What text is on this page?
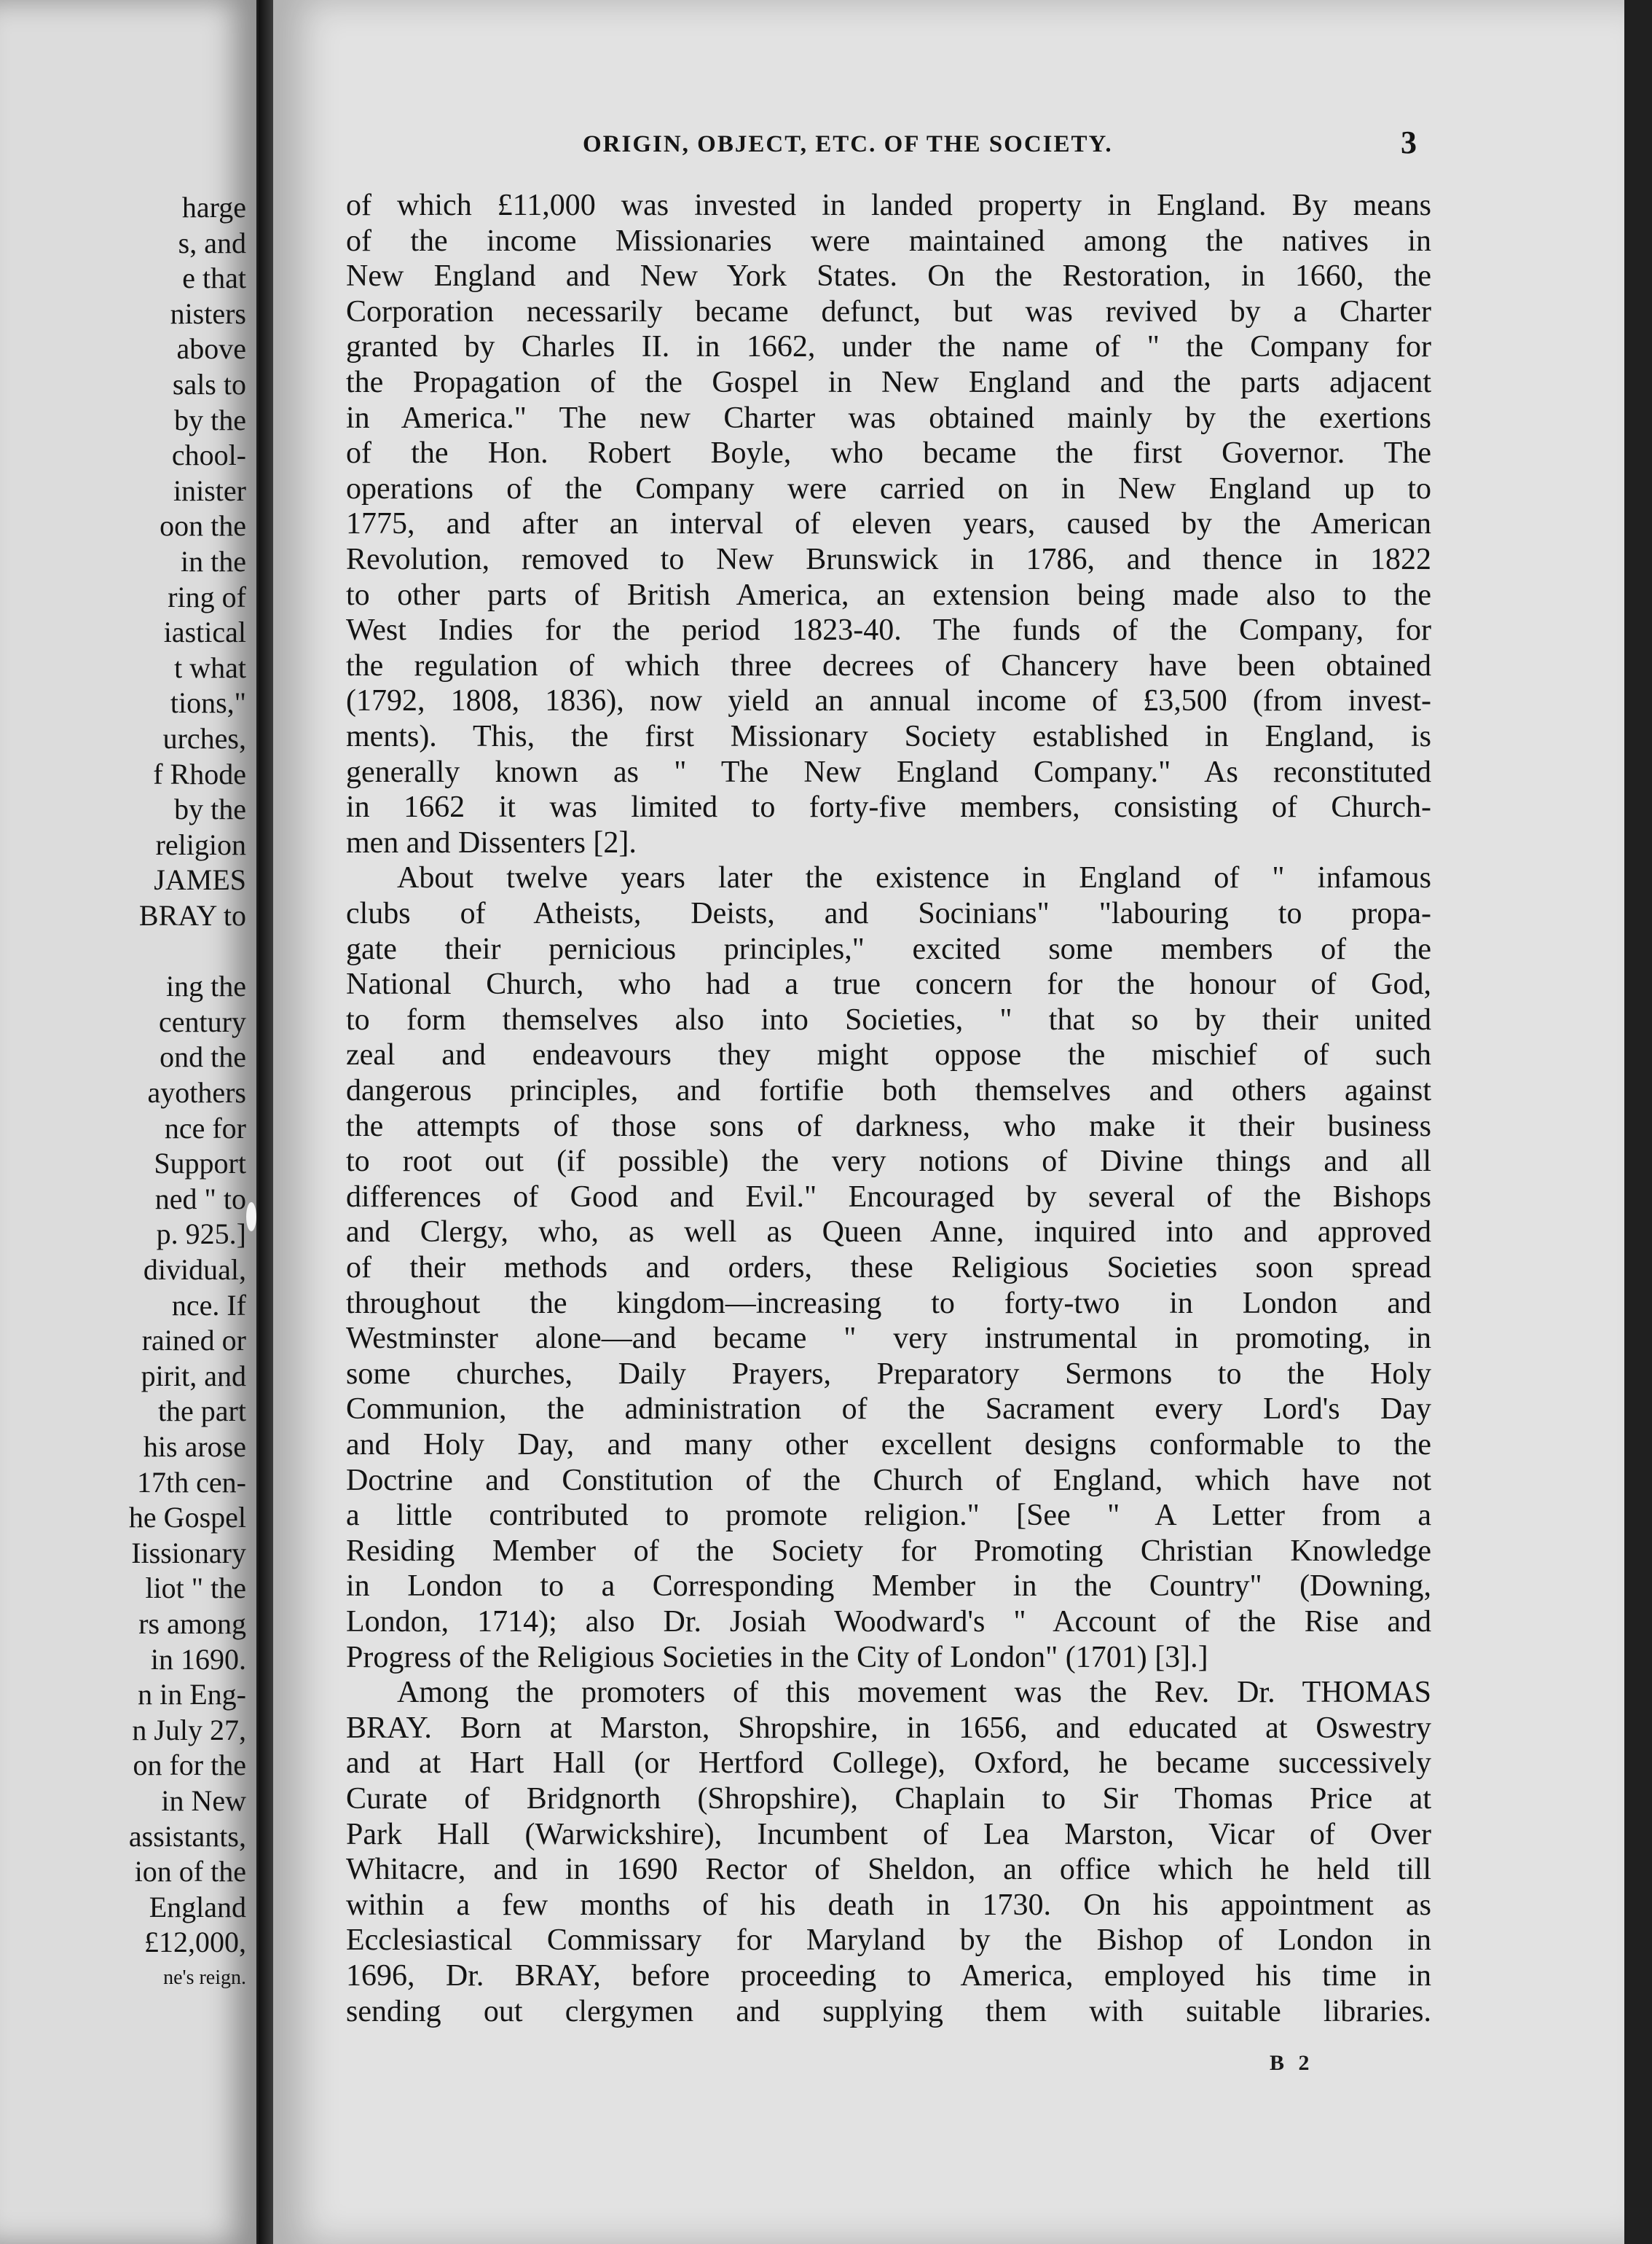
harge
s, and
e that
nisters
above
sals to
by the
chool-
inister
oon the
in the
ring of
iastical
t what
tions,"
urches,
f Rhode
by the
religion
JAMES
BRAY to
ing the
century
ond the
ayothers
nce for
Support
ned " to
p. 925.]
dividual,
nce. If
rained or
pirit, and
the part
his arose
17th cen-
he Gospel
Iissionary
liot " the
rs among
in 1690.
n in Eng-
n July 27,
on for the
in New
assistants,
ion of the
England
£12,000,
ne's reign.
ORIGIN, OBJECT, ETC. OF THE SOCIETY.	3
of which £11,000 was invested in landed property in England. By means
of the income Missionaries were maintained among the natives in
New England and New York States. On the Restoration, in 1660, the
Corporation necessarily became defunct, but was revived by a Charter
granted by Charles II. in 1662, under the name of " the Company for
the Propagation of the Gospel in New England and the parts adjacent
in America." The new Charter was obtained mainly by the exertions
of the Hon. Robert Boyle, who became the first Governor. The
operations of the Company were carried on in New England up to
1775, and after an interval of eleven years, caused by the American
Revolution, removed to New Brunswick in 1786, and thence in 1822
to other parts of British America, an extension being made also to the
West Indies for the period 1823-40. The funds of the Company, for
the regulation of which three decrees of Chancery have been obtained
(1792, 1808, 1836), now yield an annual income of £3,500 (from invest-
ments). This, the first Missionary Society established in England, is
generally known as " The New England Company." As reconstituted
in 1662 it was limited to forty-five members, consisting of Church-
men and Dissenters [2].
About twelve years later the existence in England of " infamous
clubs of Atheists, Deists, and Socinians" "labouring to propa-
gate their pernicious principles," excited some members of the
National Church, who had a true concern for the honour of God,
to form themselves also into Societies, " that so by their united
zeal and endeavours they might oppose the mischief of such
dangerous principles, and fortifie both themselves and others against
the attempts of those sons of darkness, who make it their business
to root out (if possible) the very notions of Divine things and all
differences of Good and Evil." Encouraged by several of the Bishops
and Clergy, who, as well as Queen Anne, inquired into and approved
of their methods and orders, these Religious Societies soon spread
throughout the kingdom—increasing to forty-two in London and
Westminster alone—and became " very instrumental in promoting, in
some churches, Daily Prayers, Preparatory Sermons to the Holy
Communion, the administration of the Sacrament every Lord's Day
and Holy Day, and many other excellent designs conformable to the
Doctrine and Constitution of the Church of England, which have not
a little contributed to promote religion." [See " A Letter from a
Residing Member of the Society for Promoting Christian Knowledge
in London to a Corresponding Member in the Country" (Downing,
London, 1714); also Dr. Josiah Woodward's " Account of the Rise and
Progress of the Religious Societies in the City of London" (1701) [3].]
Among the promoters of this movement was the Rev. Dr. THOMAS
BRAY. Born at Marston, Shropshire, in 1656, and educated at Oswestry
and at Hart Hall (or Hertford College), Oxford, he became successively
Curate of Bridgnorth (Shropshire), Chaplain to Sir Thomas Price at
Park Hall (Warwickshire), Incumbent of Lea Marston, Vicar of Over
Whitacre, and in 1690 Rector of Sheldon, an office which he held till
within a few months of his death in 1730. On his appointment as
Ecclesiastical Commissary for Maryland by the Bishop of London in
1696, Dr. BRAY, before proceeding to America, employed his time in
sending out clergymen and supplying them with suitable libraries.
B 2
